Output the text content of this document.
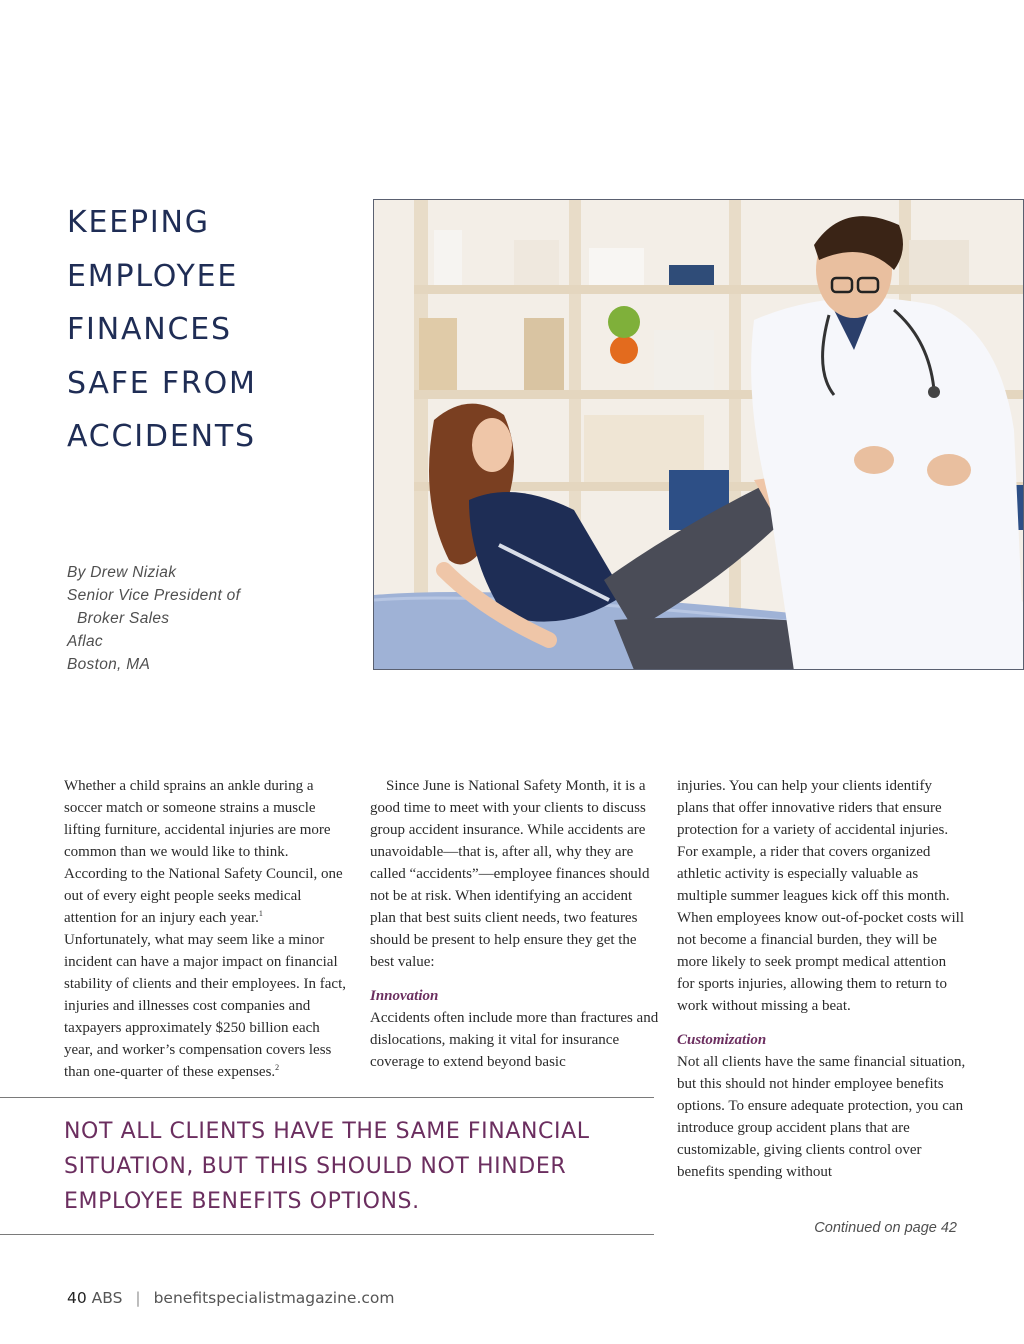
KEEPING
EMPLOYEE
FINANCES
SAFE FROM
ACCIDENTS
By Drew Niziak
Senior Vice President of
Broker Sales
Aflac
Boston, MA

Whether a child sprains an ankle during a soccer match or someone strains a muscle lifting furniture, accidental injuries are more common than we would like to think. According to the National Safety Council, one out of every eight people seeks medical attention for an injury each year.$^1$ Unfortunately, what may seem like a minor incident can have a major impact on financial stability of clients and their employees. In fact, injuries and illnesses cost companies and taxpayers approximately $250 billion each year, and worker’s compensation covers less than one-quarter of these expenses.$^2$

Since June is National Safety Month, it is a good time to meet with your clients to discuss group accident insurance. While accidents are unavoidable—that is, after all, why they are called “accidents”—employee finances should not be at risk. When identifying an accident plan that best suits client needs, two features should be present to help ensure they get the best value:

Innovation

Accidents often include more than fractures and dislocations, making it vital for insurance coverage to extend beyond basic

injuries. You can help your clients identify plans that offer innovative riders that ensure protection for a variety of accidental injuries. For example, a rider that covers organized athletic activity is especially valuable as multiple summer leagues kick off this month. When employees know out-of-pocket costs will not become a financial burden, they will be more likely to seek prompt medical attention for sports injuries, allowing them to return to work without missing a beat.

Customization

Not all clients have the same financial situation, but this should not hinder employee benefits options. To ensure adequate protection, you can introduce group accident plans that are customizable, giving clients control over benefits spending without

NOT ALL CLIENTS HAVE THE SAME FINANCIAL
SITUATION, BUT THIS SHOULD NOT HINDER
EMPLOYEE BENEFITS OPTIONS.
Continued on page 42
40 ABS | benefitspecialistmagazine.com
